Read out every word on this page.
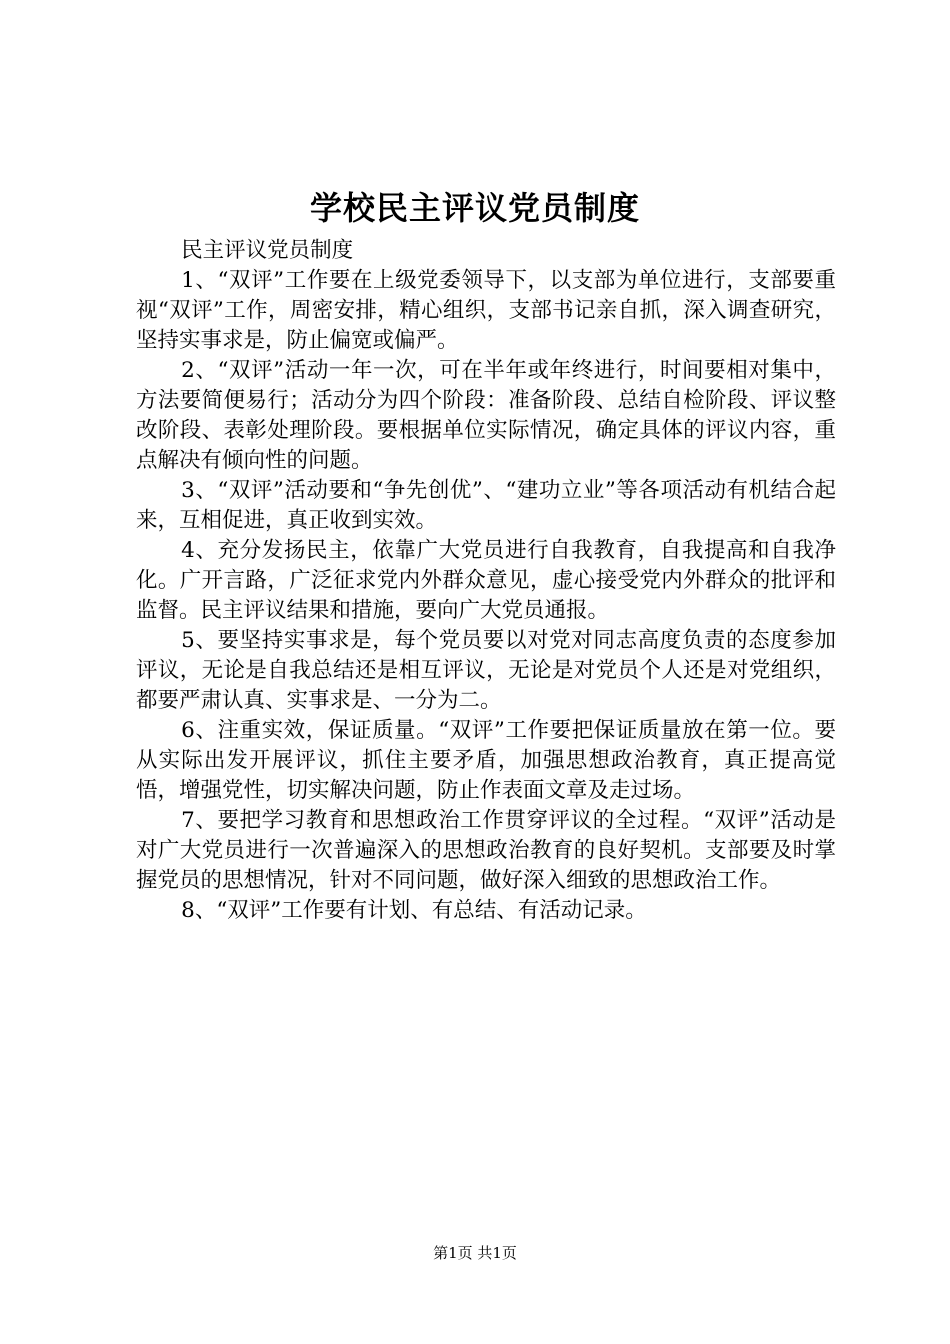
学校民主评议党员制度

民主评议党员制度

1、“双评”工作要在上级党委领导下，以支部为单位进行，支部要重视“双评”工作，周密安排，精心组织，支部书记亲自抓，深入调查研究，坚持实事求是，防止偏宽或偏严。

2、“双评”活动一年一次，可在半年或年终进行，时间要相对集中，方法要简便易行；活动分为四个阶段：准备阶段、总结自检阶段、评议整改阶段、表彰处理阶段。要根据单位实际情况，确定具体的评议内容，重点解决有倾向性的问题。

3、“双评”活动要和“争先创优”、“建功立业”等各项活动有机结合起来，互相促进，真正收到实效。

4、充分发扬民主，依靠广大党员进行自我教育，自我提高和自我净化。广开言路，广泛征求党内外群众意见，虚心接受党内外群众的批评和监督。民主评议结果和措施，要向广大党员通报。

5、要坚持实事求是，每个党员要以对党对同志高度负责的态度参加评议，无论是自我总结还是相互评议，无论是对党员个人还是对党组织，都要严肃认真、实事求是、一分为二。

6、注重实效，保证质量。“双评”工作要把保证质量放在第一位。要从实际出发开展评议，抓住主要矛盾，加强思想政治教育，真正提高觉悟，增强党性，切实解决问题，防止作表面文章及走过场。

7、要把学习教育和思想政治工作贯穿评议的全过程。“双评”活动是对广大党员进行一次普遍深入的思想政治教育的良好契机。支部要及时掌握党员的思想情况，针对不同问题，做好深入细致的思想政治工作。

8、“双评”工作要有计划、有总结、有活动记录。

第1页 共1页
